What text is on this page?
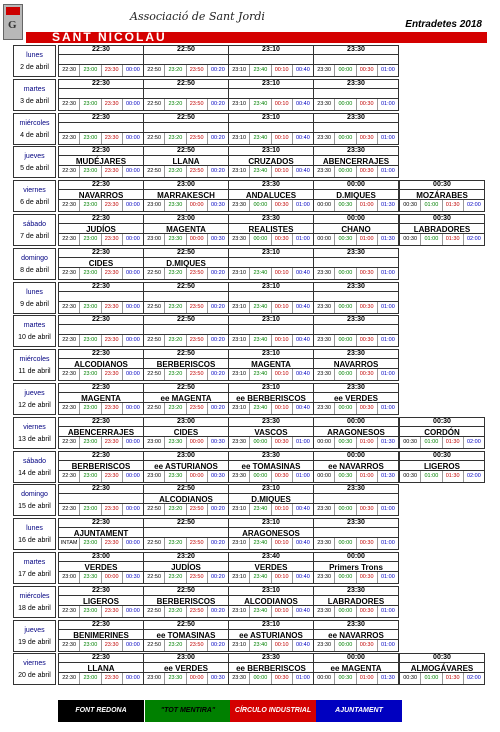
G
Associació de Sant Jordi
Entradetes 2018
SANT NICOLAU
lunes
2 de abril
22:30
22:30	23:00	23:30	00:00
22:50
22:50	23:20	23:50	00:20
23:10
23:10	23:40	00:10	00:40
23:30
23:30	00:00	00:30	01:00
martes
3 de abril
22:30
22:30	23:00	23:30	00:00
22:50
22:50	23:20	23:50	00:20
23:10
23:10	23:40	00:10	00:40
23:30
23:30	00:00	00:30	01:00
miércoles
4 de abril
22:30
22:30	23:00	23:30	00:00
22:50
22:50	23:20	23:50	00:20
23:10
23:10	23:40	00:10	00:40
23:30
23:30	00:00	00:30	01:00
jueves
5 de abril
22:30
MUDÉJARES
22:30	23:00	23:30	00:00
22:50
LLANA
22:50	23:20	23:50	00:20
23:10
CRUZADOS
23:10	23:40	00:10	00:40
23:30
ABENCERRAJES
23:30	00:00	00:30	01:00
viernes
6 de abril
22:30
NAVARROS
22:30	23:00	23:30	00:00
23:00
MARRAKESCH
23:00	23:30	00:00	00:30
23:30
ANDALUCES
23:30	00:00	00:30	01:00
00:00
D.MIQUES
00:00	00:30	01:00	01:30
00:30
MOZÁRABES
00:30	01:00	01:30	02:00
sábado
7 de abril
22:30
JUDÍOS
22:30	23:00	23:30	00:00
23:00
MAGENTA
23:00	23:30	00:00	00:30
23:30
REALISTES
23:30	00:00	00:30	01:00
00:00
CHANO
00:00	00:30	01:00	01:30
00:30
LABRADORES
00:30	01:00	01:30	02:00
domingo
8 de abril
22:30
CIDES
22:30	23:00	23:30	00:00
22:50
D.MIQUES
22:50	23:20	23:50	00:20
23:10
23:10	23:40	00:10	00:40
23:30
23:30	00:00	00:30	01:00
lunes
9 de abril
22:30
22:30	23:00	23:30	00:00
22:50
22:50	23:20	23:50	00:20
23:10
23:10	23:40	00:10	00:40
23:30
23:30	00:00	00:30	01:00
martes
10 de abril
22:30
22:30	23:00	23:30	00:00
22:50
22:50	23:20	23:50	00:20
23:10
23:10	23:40	00:10	00:40
23:30
23:30	00:00	00:30	01:00
miércoles
11 de abril
22:30
ALCODIANOS
22:30	23:00	23:30	00:00
22:50
BERBERISCOS
22:50	23:20	23:50	00:20
23:10
MAGENTA
23:10	23:40	00:10	00:40
23:30
NAVARROS
23:30	00:00	00:30	01:00
jueves
12 de abril
22:30
MAGENTA
22:30	23:00	23:30	00:00
22:50
ee MAGENTA
22:50	23:20	23:50	00:20
23:10
ee BERBERISCOS
23:10	23:40	00:10	00:40
23:30
ee VERDES
23:30	00:00	00:30	01:00
viernes
13 de abril
22:30
ABENCERRAJES
22:30	23:00	23:30	00:00
23:00
CIDES
23:00	23:30	00:00	00:30
23:30
VASCOS
23:30	00:00	00:30	01:00
00:00
ARAGONESOS
00:00	00:30	01:00	01:30
00:30
CORDÓN
00:30	01:00	01:30	02:00
sábado
14 de abril
22:30
BERBERISCOS
22:30	23:00	23:30	00:00
23:00
ee ASTURIANOS
23:00	23:30	00:00	00:30
23:30
ee TOMASINAS
23:30	00:00	00:30	01:00
00:00
ee NAVARROS
00:00	00:30	01:00	01:30
00:30
LIGEROS
00:30	01:00	01:30	02:00
domingo
15 de abril
22:30
22:30	23:00	23:30	00:00
22:50
ALCODIANOS
22:50	23:20	23:50	00:20
23:10
D.MIQUES
23:10	23:40	00:10	00:40
23:30
23:30	00:00	00:30	01:00
lunes
16 de abril
22:30
AJUNTAMENT
INTAM	23:00	23:30	00:00
22:50
22:50	23:20	23:50	00:20
23:10
ARAGONESOS
23:10	23:40	00:10	00:40
23:30
23:30	00:00	00:30	01:00
martes
17 de abril
23:00
VERDES
23:00	23:30	00:00	00:30
23:20
JUDÍOS
22:50	23:20	23:50	00:20
23:40
VERDES
23:10	23:40	00:10	00:40
00:00
Primers Trons
23:30	00:00	00:30	01:00
miércoles
18 de abril
22:30
LIGEROS
22:30	23:00	23:30	00:00
22:50
BERBERISCOS
22:50	23:20	23:50	00:20
23:10
ALCODIANOS
23:10	23:40	00:10	00:40
23:30
LABRADORES
23:30	00:00	00:30	01:00
jueves
19 de abril
22:30
BENIMERINES
22:30	23:00	23:30	00:00
22:50
ee TOMASINAS
22:50	23:20	23:50	00:20
23:10
ee ASTURIANOS
23:10	23:40	00:10	00:40
23:30
ee NAVARROS
23:30	00:00	00:30	01:00
viernes
20 de abril
22:30
LLANA
22:30	23:00	23:30	00:00
23:00
ee VERDES
23:00	23:30	00:00	00:30
23:30
ee BERBERISCOS
23:30	00:00	00:30	01:00
00:00
ee MAGENTA
00:00	00:30	01:00	01:30
00:30
ALMOGÁVARES
00:30	01:00	01:30	02:00
FONT REDONA	"TOT MENTIRA"	CÍRCULO INDUSTRIAL	AJUNTAMENT
